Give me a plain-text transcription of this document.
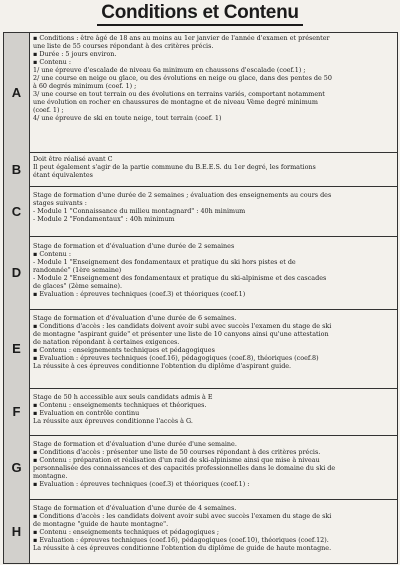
Conditions et Contenu
A
▪ Conditions : être âgé de 18 ans au moins au 1er janvier de l'année d'examen et présenter
une liste de 55 courses répondant à des critères précis.
▪ Durée : 5 jours environ.
▪ Contenu :
1/ une épreuve d'escalade de niveau 6a minimum en chaussons d'escalade (coef.1) ;
2/ une course en neige ou glace, ou des évolutions en neige ou glace, dans des pentes de 50
à 60 degrés minimum (coef. 1) ;
3/ une course en tout terrain ou des évolutions en terrains variés, comportant notamment
une évolution en rocher en chaussures de montagne et de niveau Vème degré minimum
(coef. 1) ;
4/ une épreuve de ski en toute neige, tout terrain (coef. 1)
B
Doit être réalisé avant C
Il peut également s'agir de la partie commune du B.E.E.S. du 1er degré, les formations
étant équivalentes
C
Stage de formation d'une durée de 2 semaines ; évaluation des enseignements au cours des
stages suivants :
- Module 1 "Connaissance du milieu montagnard" : 40h minimum
- Module 2 "Fondamentaux" : 40h minimum
D
Stage de formation et d'évaluation d'une durée de 2 semaines
▪ Contenu :
- Module 1 "Enseignement des fondamentaux et pratique du ski hors pistes et de
randonnée" (1ère semaine)
- Module 2 "Enseignement des fondamentaux et pratique du ski-alpinisme et des cascades
de glaces" (2ème semaine).
▪ Evaluation : épreuves techniques (coef.3) et théoriques (coef.1)
E
Stage de formation et d'évaluation d'une durée de 6 semaines.
▪ Conditions d'accès : les candidats doivent avoir subi avec succès l'examen du stage de ski
de montagne "aspirant guide" et présenter une liste de 10 canyons ainsi qu'une attestation
de natation répondant à certaines exigences.
▪ Contenu : enseignements techniques et pédagogiques
▪ Evaluation : épreuves techniques (coef.16), pédagogiques (coef.8), théoriques (coef.8)
La réussite à ces épreuves conditionne l'obtention du diplôme d'aspirant guide.
F
Stage de 50 h accessible aux seuls candidats admis à E
▪ Contenu : enseignements techniques et théoriques.
▪ Evaluation en contrôle continu
La réussite aux épreuves conditionne l'accès à G.
G
Stage de formation et d'évaluation d'une durée d'une semaine.
▪ Conditions d'accès : présenter une liste de 50 courses répondant à des critères précis.
▪ Contenu : préparation et réalisation d'un raid de ski-alpinisme ainsi que mise à niveau
personnalisée des connaissances et des capacités professionnelles dans le domaine du ski de
montagne.
▪ Evaluation : épreuves techniques (coef.3) et théoriques (coef.1) :
H
Stage de formation et d'évaluation d'une durée de 4 semaines.
▪ Conditions d'accès : les candidats doivent avoir subi avec succès l'examen du stage de ski
de montagne "guide de haute montagne".
▪ Contenu : enseignements techniques et pédagogiques ;
▪ Evaluation : épreuves techniques (coef.16), pédagogiques (coef.10), théoriques (coef.12).
La réussite à ces épreuves conditionne l'obtention du diplôme de guide de haute montagne.
